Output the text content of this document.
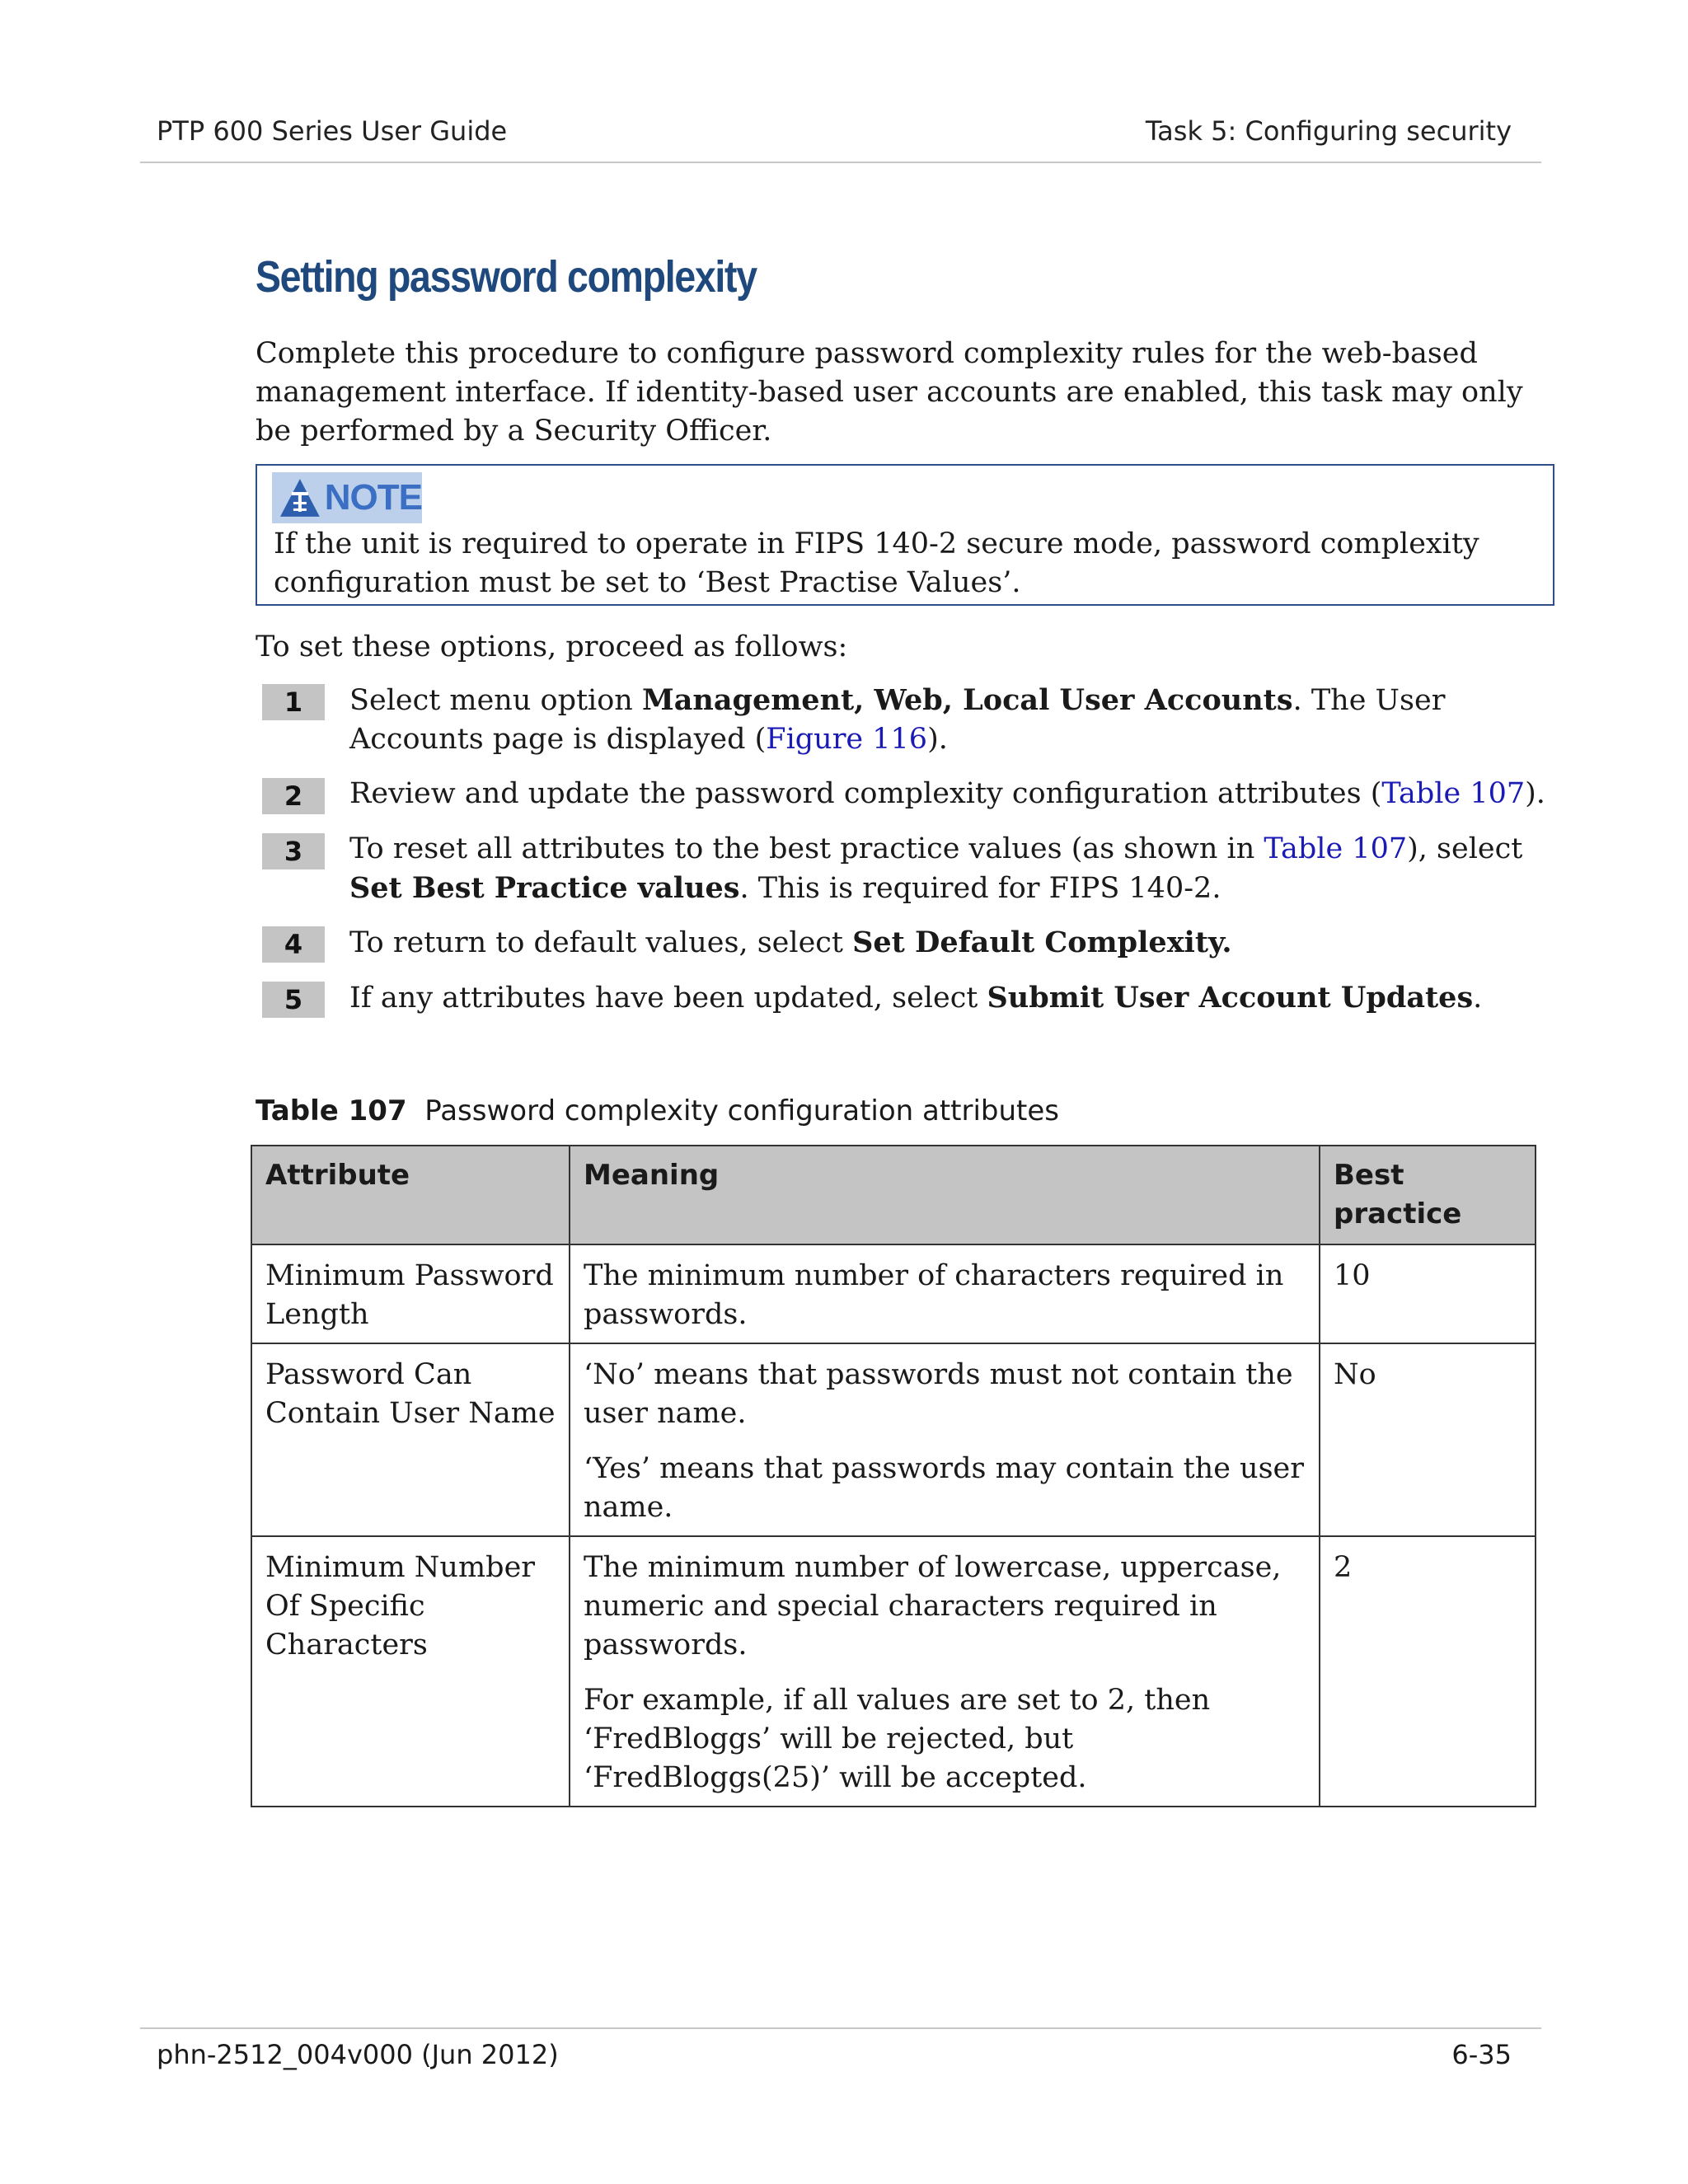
PTP 600 Series User Guide	Task 5: Configuring security
Setting password complexity

Complete this procedure to configure password complexity rules for the web-based management interface. If identity-based user accounts are enabled, this task may only be performed by a Security Officer.

NOTE

If the unit is required to operate in FIPS 140-2 secure mode, password complexity configuration must be set to ‘Best Practise Values’.

To set these options, proceed as follows:

1	Select menu option Management, Web, Local User Accounts. The User Accounts page is displayed (Figure 116).

2	Review and update the password complexity configuration attributes (Table 107).

3	To reset all attributes to the best practice values (as shown in Table 107), select Set Best Practice values. This is required for FIPS 140-2.

4	To return to default values, select Set Default Complexity.

5	If any attributes have been updated, select Submit User Account Updates.

Table 107 Password complexity configuration attributes

Attribute	Meaning	Best practice
Minimum Password Length	The minimum number of characters required in passwords.	10
Password Can Contain User Name	‘No’ means that passwords must not contain the user name.

‘Yes’ means that passwords may contain the user name.	No
Minimum Number Of Specific Characters	The minimum number of lowercase, uppercase, numeric and special characters required in passwords.

For example, if all values are set to 2, then ‘FredBloggs’ will be rejected, but ‘FredBloggs(25)’ will be accepted.	2
phn-2512_004v000 (Jun 2012)	6-35
